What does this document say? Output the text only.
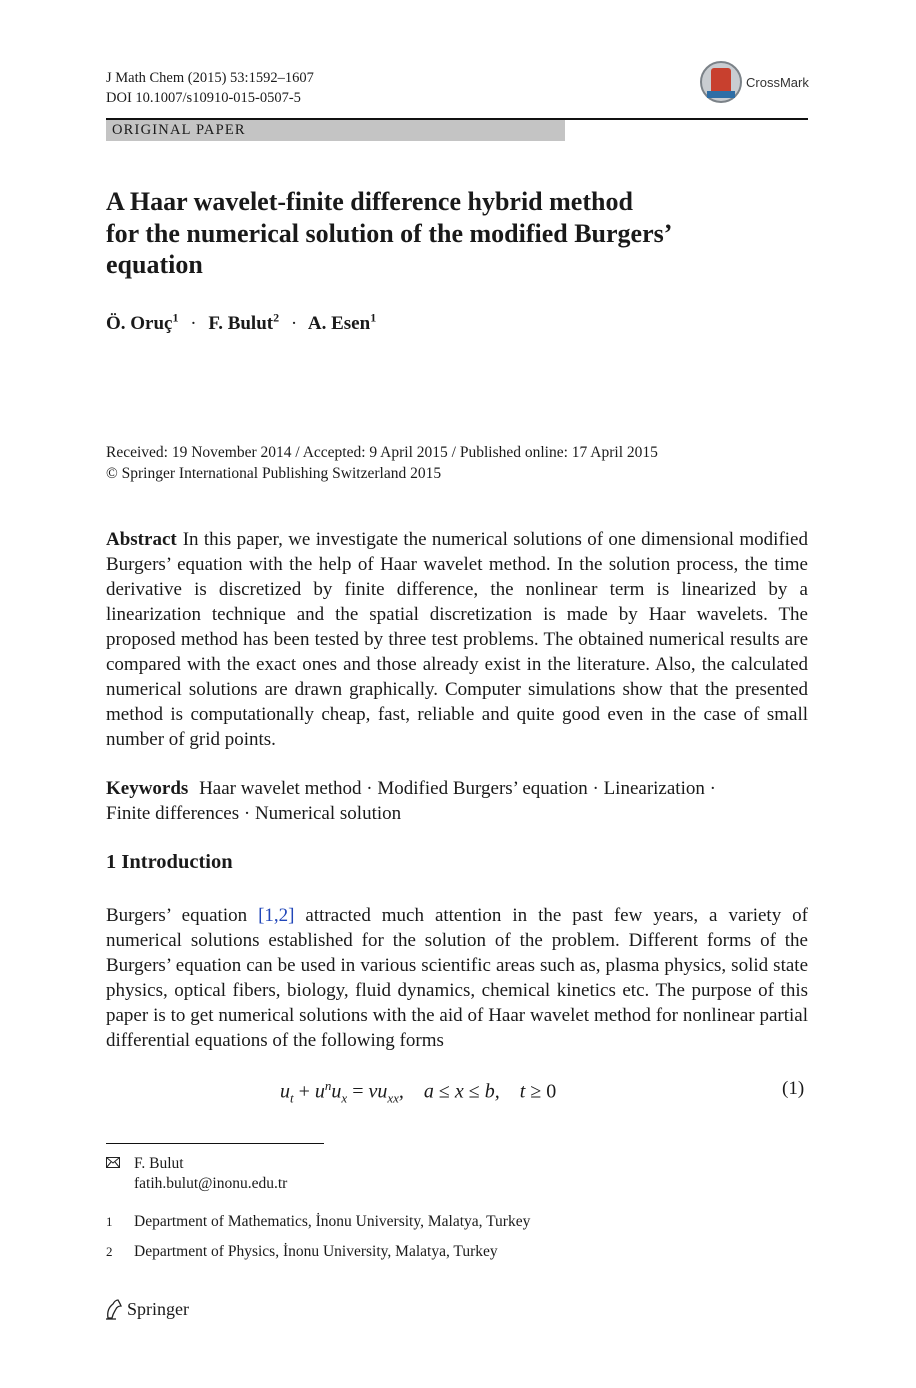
J Math Chem (2015) 53:1592–1607
DOI 10.1007/s10910-015-0507-5
CrossMark
ORIGINAL PAPER
A Haar wavelet-finite difference hybrid method
for the numerical solution of the modified Burgers’
equation
Ö. Oruç$^1$ · F. Bulut$^2$ · A. Esen$^1$
Received: 19 November 2014 / Accepted: 9 April 2015 / Published online: 17 April 2015
© Springer International Publishing Switzerland 2015
Abstract In this paper, we investigate the numerical solutions of one dimensional modified Burgers’ equation with the help of Haar wavelet method. In the solution process, the time derivative is discretized by finite difference, the nonlinear term is linearized by a linearization technique and the spatial discretization is made by Haar wavelets. The proposed method has been tested by three test problems. The obtained numerical results are compared with the exact ones and those already exist in the literature. Also, the calculated numerical solutions are drawn graphically. Computer simulations show that the presented method is computationally cheap, fast, reliable and quite good even in the case of small number of grid points.
Keywords Haar wavelet method · Modified Burgers’ equation · Linearization ·
Finite differences · Numerical solution
1 Introduction
Burgers’ equation [1,2] attracted much attention in the past few years, a variety of numerical solutions established for the solution of the problem. Different forms of the Burgers’ equation can be used in various scientific areas such as, plasma physics, solid state physics, optical fibers, biology, fluid dynamics, chemical kinetics etc. The purpose of this paper is to get numerical solutions with the aid of Haar wavelet method for nonlinear partial differential equations of the following forms
$u_t + u^nu_x = \nu u_{xx}$,    a ≤ x ≤ b,    t ≥ 0	(1)
F. Bulut
fatih.bulut@inonu.edu.tr
1 Department of Mathematics, İnonu University, Malatya, Turkey
2 Department of Physics, İnonu University, Malatya, Turkey
Springer
